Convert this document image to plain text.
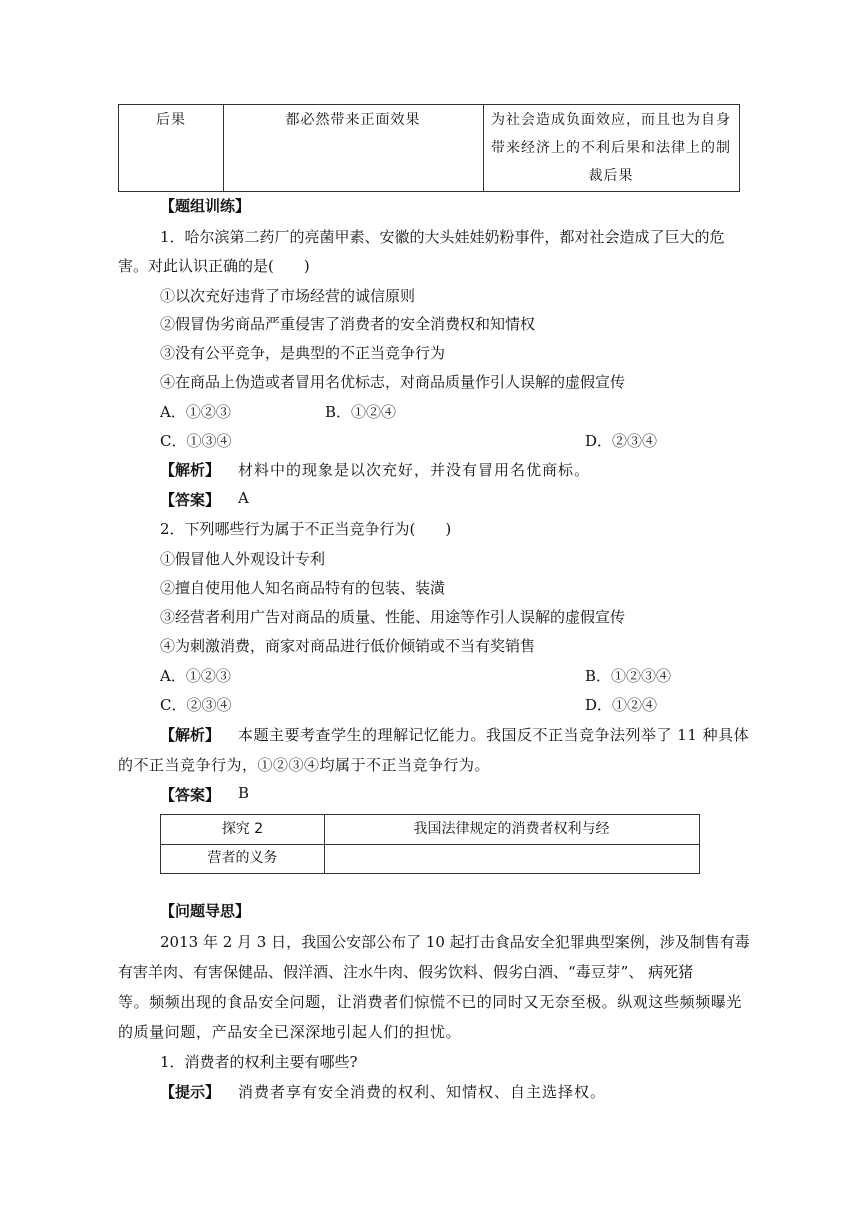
后果	都必然带来正面效果	为社会造成负面效应，而且也为自身
带来经济上的不利后果和法律上的制
裁后果
【题组训练】
1．哈尔滨第二药厂的亮菌甲素、安徽的大头娃娃奶粉事件，都对社会造成了巨大的危
害。对此认识正确的是(　　)
①以次充好违背了市场经营的诚信原则
②假冒伪劣商品严重侵害了消费者的安全消费权和知情权
③没有公平竞争，是典型的不正当竞争行为
④在商品上伪造或者冒用名优标志，对商品质量作引人误解的虚假宣传
A．①②③	B．①②④
C．①③④	D．②③④
【解析】 材料中的现象是以次充好，并没有冒用名优商标。
【答案】 A
2．下列哪些行为属于不正当竞争行为(　　)
①假冒他人外观设计专利
②擅自使用他人知名商品特有的包装、装潢
③经营者利用广告对商品的质量、性能、用途等作引人误解的虚假宣传
④为刺激消费，商家对商品进行低价倾销或不当有奖销售
A．①②③	B．①②③④
C．②③④	D．①②④
【解析】 本题主要考查学生的理解记忆能力。我国反不正当竞争法列举了 11 种具体
的不正当竞争行为，①②③④均属于不正当竞争行为。
【答案】 B
探究 2	我国法律规定的消费者权利与经
营者的义务
【问题导思】
2013 年 2 月 3 日，我国公安部公布了 10 起打击食品安全犯罪典型案例，涉及制售有毒
有害羊肉、有害保健品、假洋酒、注水牛肉、假劣饮料、假劣白酒、“毒豆芽”、 病死猪
等。频频出现的食品安全问题，让消费者们惊慌不已的同时又无奈至极。纵观这些频频曝光
的质量问题，产品安全已深深地引起人们的担忧。
1．消费者的权利主要有哪些?
【提示】 消费者享有安全消费的权利、知情权、自主选择权。
